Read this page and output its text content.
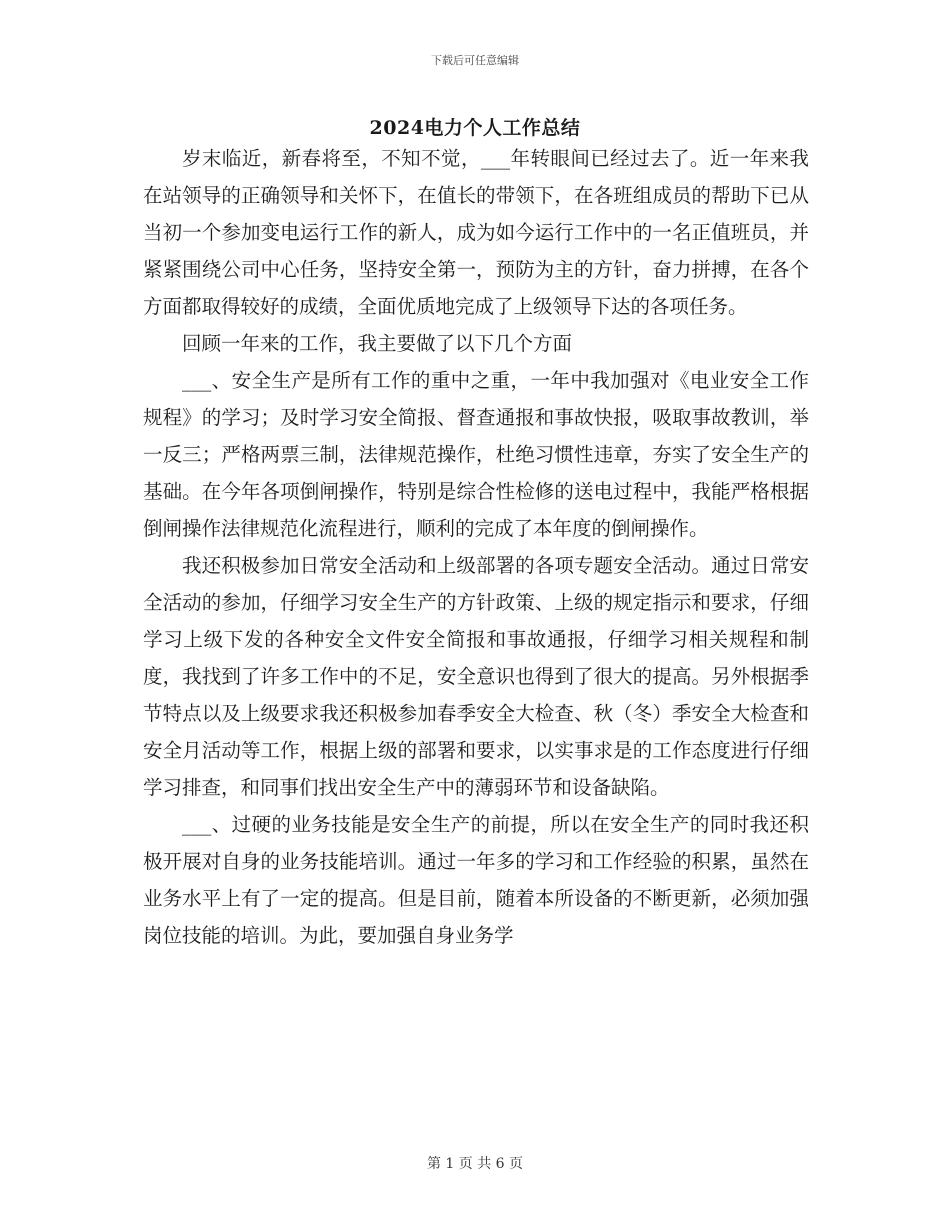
下载后可任意编辑
2024电力个人工作总结

岁末临近，新春将至，不知不觉，___年转眼间已经过去了。近一年来我在站领导的正确领导和关怀下，在值长的带领下，在各班组成员的帮助下已从当初一个参加变电运行工作的新人，成为如今运行工作中的一名正值班员，并紧紧围绕公司中心任务，坚持安全第一，预防为主的方针，奋力拼搏，在各个方面都取得较好的成绩，全面优质地完成了上级领导下达的各项任务。

回顾一年来的工作，我主要做了以下几个方面

___、安全生产是所有工作的重中之重，一年中我加强对《电业安全工作规程》的学习；及时学习安全简报、督查通报和事故快报，吸取事故教训，举一反三；严格两票三制，法律规范操作，杜绝习惯性违章，夯实了安全生产的基础。在今年各项倒闸操作，特别是综合性检修的送电过程中，我能严格根据倒闸操作法律规范化流程进行，顺利的完成了本年度的倒闸操作。

我还积极参加日常安全活动和上级部署的各项专题安全活动。通过日常安全活动的参加，仔细学习安全生产的方针政策、上级的规定指示和要求，仔细学习上级下发的各种安全文件安全简报和事故通报，仔细学习相关规程和制度，我找到了许多工作中的不足，安全意识也得到了很大的提高。另外根据季节特点以及上级要求我还积极参加春季安全大检查、秋（冬）季安全大检查和安全月活动等工作，根据上级的部署和要求，以实事求是的工作态度进行仔细学习排查，和同事们找出安全生产中的薄弱环节和设备缺陷。

___、过硬的业务技能是安全生产的前提，所以在安全生产的同时我还积极开展对自身的业务技能培训。通过一年多的学习和工作经验的积累，虽然在业务水平上有了一定的提高。但是目前，随着本所设备的不断更新，必须加强岗位技能的培训。为此，要加强自身业务学

第 1 页 共 6 页
